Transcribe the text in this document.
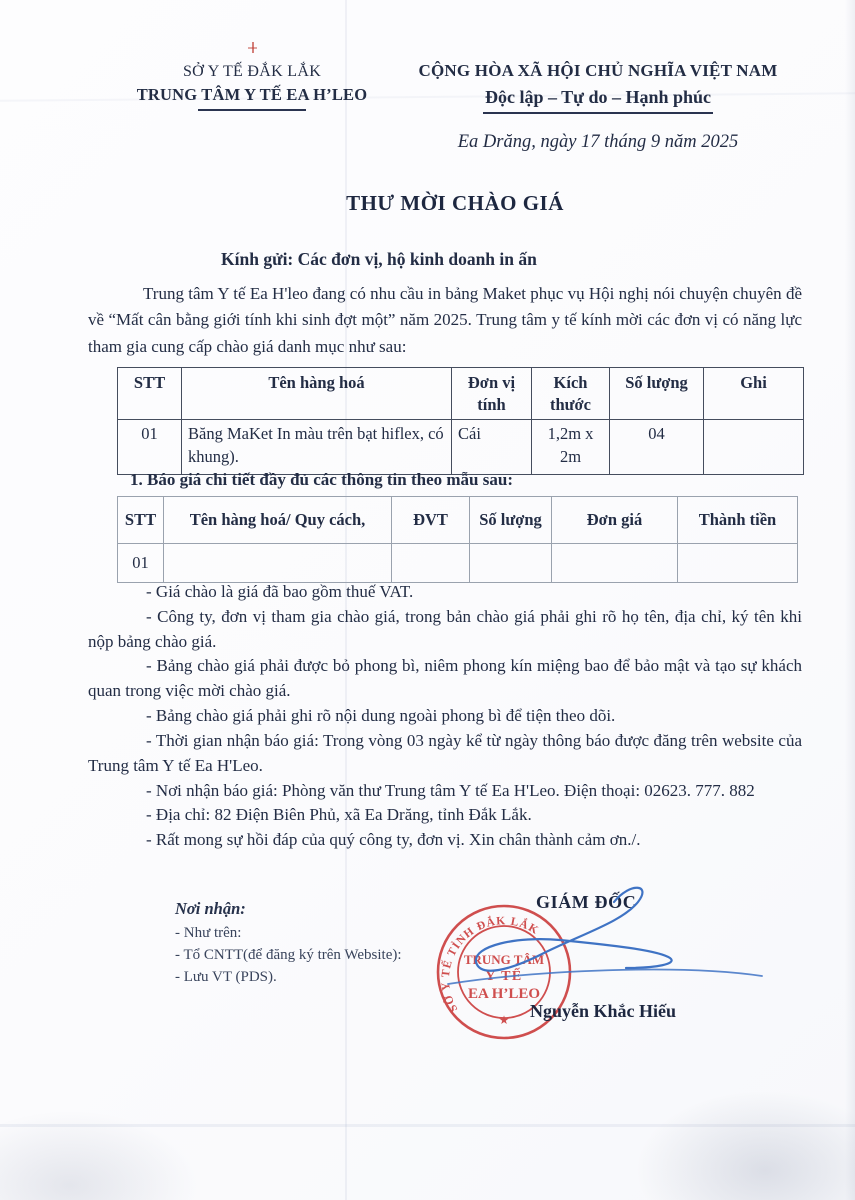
SỞ Y TẾ ĐẮK LẮK
TRUNG TÂM Y TẾ EA H’LEO
CỘNG HÒA XÃ HỘI CHỦ NGHĨA VIỆT NAM
Độc lập – Tự do – Hạnh phúc
Ea Drăng, ngày 17 tháng 9 năm 2025
THƯ MỜI CHÀO GIÁ
Kính gửi: Các đơn vị, hộ kinh doanh in ấn
Trung tâm Y tế Ea H'leo đang có nhu cầu in bảng Maket phục vụ Hội nghị nói chuyện chuyên đề về “Mất cân bằng giới tính khi sinh đợt một” năm 2025. Trung tâm y tế kính mời các đơn vị có năng lực tham gia cung cấp chào giá danh mục như sau:
STT	Tên hàng hoá	Đơn vị tính	Kích thước	Số lượng	Ghi
01	Băng MaKet In màu trên bạt hiflex, có khung).	Cái	1,2m x 2m	04	
1. Báo giá chi tiết đầy đủ các thông tin theo mẫu sau:
STT	Tên hàng hoá/ Quy cách,	ĐVT	Số lượng	Đơn giá	Thành tiền
01					

- Giá chào là giá đã bao gồm thuế VAT.

- Công ty, đơn vị tham gia chào giá, trong bản chào giá phải ghi rõ họ tên, địa chỉ, ký tên khi nộp bảng chào giá.

- Bảng chào giá phải được bỏ phong bì, niêm phong kín miệng bao để bảo mật và tạo sự khách quan trong việc mời chào giá.

- Bảng chào giá phải ghi rõ nội dung ngoài phong bì để tiện theo dõi.

- Thời gian nhận báo giá: Trong vòng 03 ngày kể từ ngày thông báo được đăng trên website của Trung tâm Y tế Ea H'Leo.

- Nơi nhận báo giá: Phòng văn thư Trung tâm Y tế Ea H'Leo. Điện thoại: 02623. 777. 882

- Địa chỉ: 82 Điện Biên Phủ, xã Ea Drăng, tỉnh Đắk Lắk.

- Rất mong sự hồi đáp của quý công ty, đơn vị. Xin chân thành cảm ơn./.

Nơi nhận:
- Như trên:
- Tổ CNTT(để đăng ký trên Website):
- Lưu VT (PDS).
GIÁM ĐỐC
SỞ Y TẾ TỈNH ĐẮK LẮK
TRUNG TÂM
Y TẾ
EA H’LEO
★	Nguyễn Khắc Hiếu
